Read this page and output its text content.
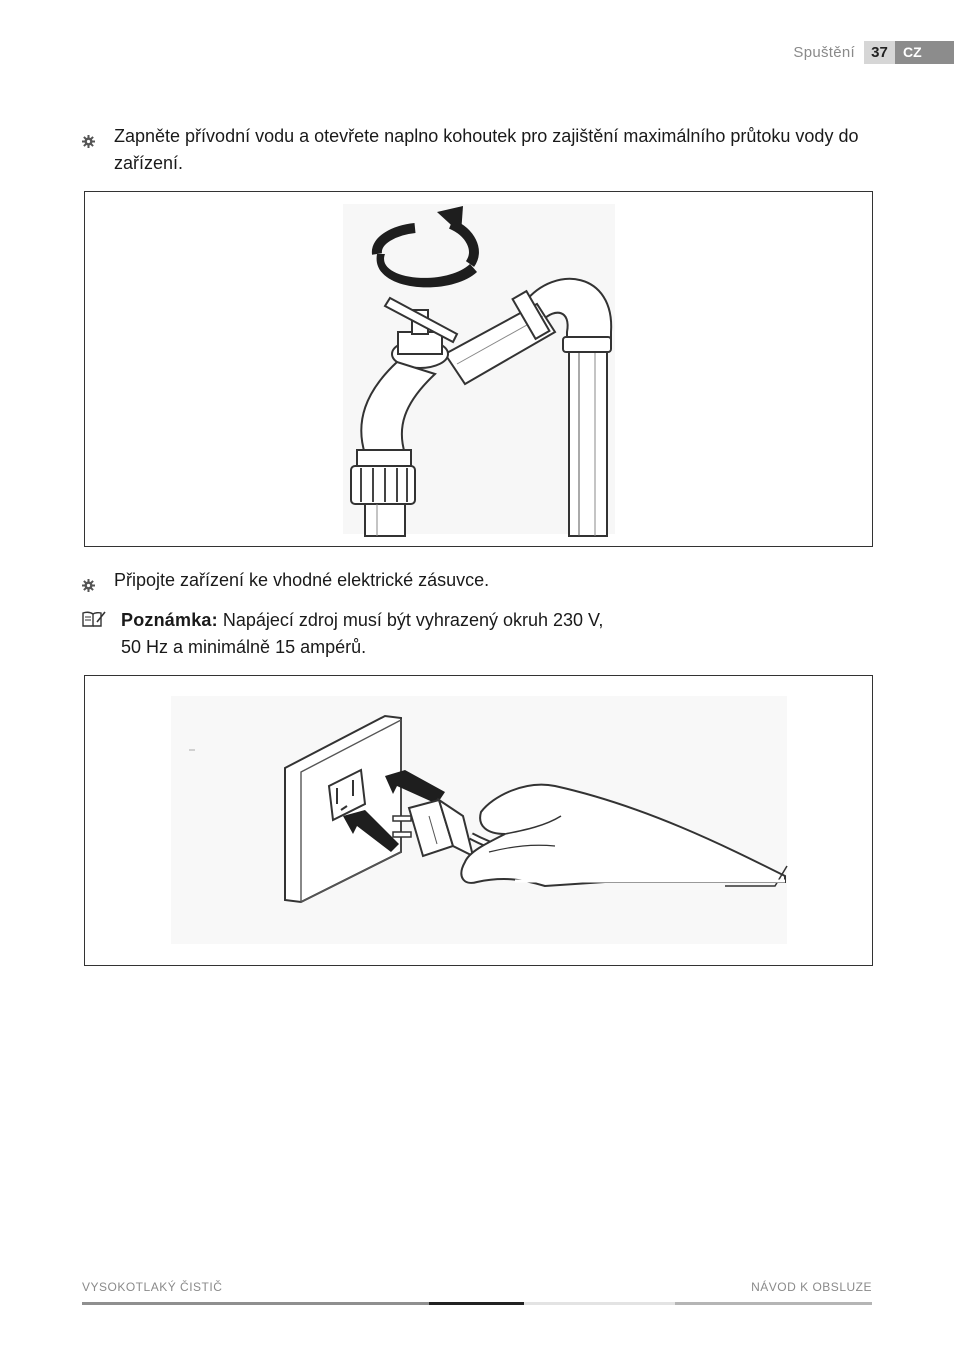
Spuštění	37	CZ
Zapněte přívodní vodu a otevřete naplno kohoutek pro zajištění maximálního průtoku vody do zařízení.
Připojte zařízení ke vhodné elektrické zásuvce.
Poznámka: Napájecí zdroj musí být vyhrazený okruh 230 V,
50 Hz a minimálně 15 ampérů.
VYSOKOTLAKÝ ČISTIČ	NÁVOD K OBSLUZE
